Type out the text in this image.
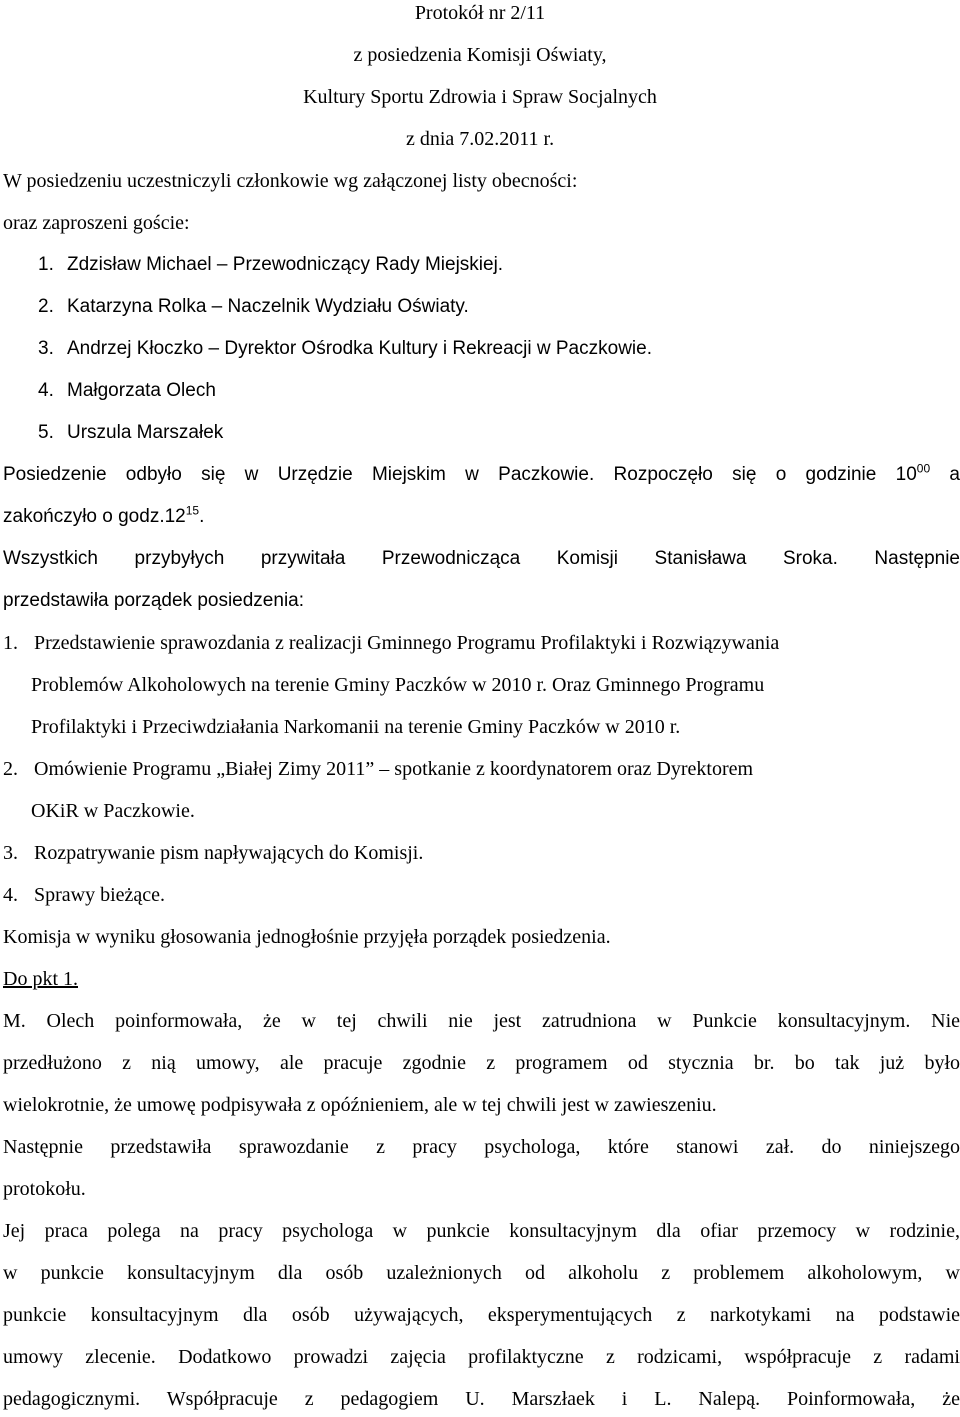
Protokół nr 2/11
z posiedzenia Komisji Oświaty,
Kultury Sportu Zdrowia i Spraw Socjalnych
z dnia 7.02.2011 r.
W posiedzeniu uczestniczyli członkowie wg załączonej listy obecności:
oraz zaproszeni goście:
1. Zdzisław Michael – Przewodniczący Rady Miejskiej.
2. Katarzyna Rolka – Naczelnik Wydziału Oświaty.
3. Andrzej Kłoczko – Dyrektor Ośrodka Kultury i Rekreacji w Paczkowie.
4. Małgorzata Olech
5. Urszula Marszałek
Posiedzenie odbyło się w Urzędzie Miejskim w Paczkowie. Rozpoczęło się o godzinie $10^{00}$ a
zakończyło o $godz.12^{15}$.
Wszystkich przybyłych przywitała Przewodnicząca Komisji Stanisława Sroka. Następnie
przedstawiła porządek posiedzenia:
1. Przedstawienie sprawozdania z realizacji Gminnego Programu Profilaktyki i Rozwiązywania
Problemów Alkoholowych na terenie Gminy Paczków w 2010 r. Oraz Gminnego Programu
Profilaktyki i Przeciwdziałania Narkomanii na terenie Gminy Paczków w 2010 r.
2. Omówienie Programu „Białej Zimy 2011” – spotkanie z koordynatorem oraz Dyrektorem
OKiR w Paczkowie.
3. Rozpatrywanie pism napływających do Komisji.
4. Sprawy bieżące.
Komisja w wyniku głosowania jednogłośnie przyjęła porządek posiedzenia.
Do pkt 1.
M. Olech poinformowała, że w tej chwili nie jest zatrudniona w Punkcie konsultacyjnym. Nie
przedłużono z nią umowy, ale pracuje zgodnie z programem od stycznia br. bo tak już było
wielokrotnie, że umowę podpisywała z opóźnieniem, ale w tej chwili jest w zawieszeniu.
Następnie przedstawiła sprawozdanie z pracy psychologa, które stanowi zał. do niniejszego
protokołu.
Jej praca polega na pracy psychologa w punkcie konsultacyjnym dla ofiar przemocy w rodzinie,
w punkcie konsultacyjnym dla osób uzależnionych od alkoholu z problemem alkoholowym, w
punkcie konsultacyjnym dla osób używających, eksperymentujących z narkotykami na podstawie
umowy zlecenie. Dodatkowo prowadzi zajęcia profilaktyczne z rodzicami, współpracuje z radami
pedagogicznymi. Współpracuje z pedagogiem U. Marszłaek i L. Nalepą. Poinformowała, że
